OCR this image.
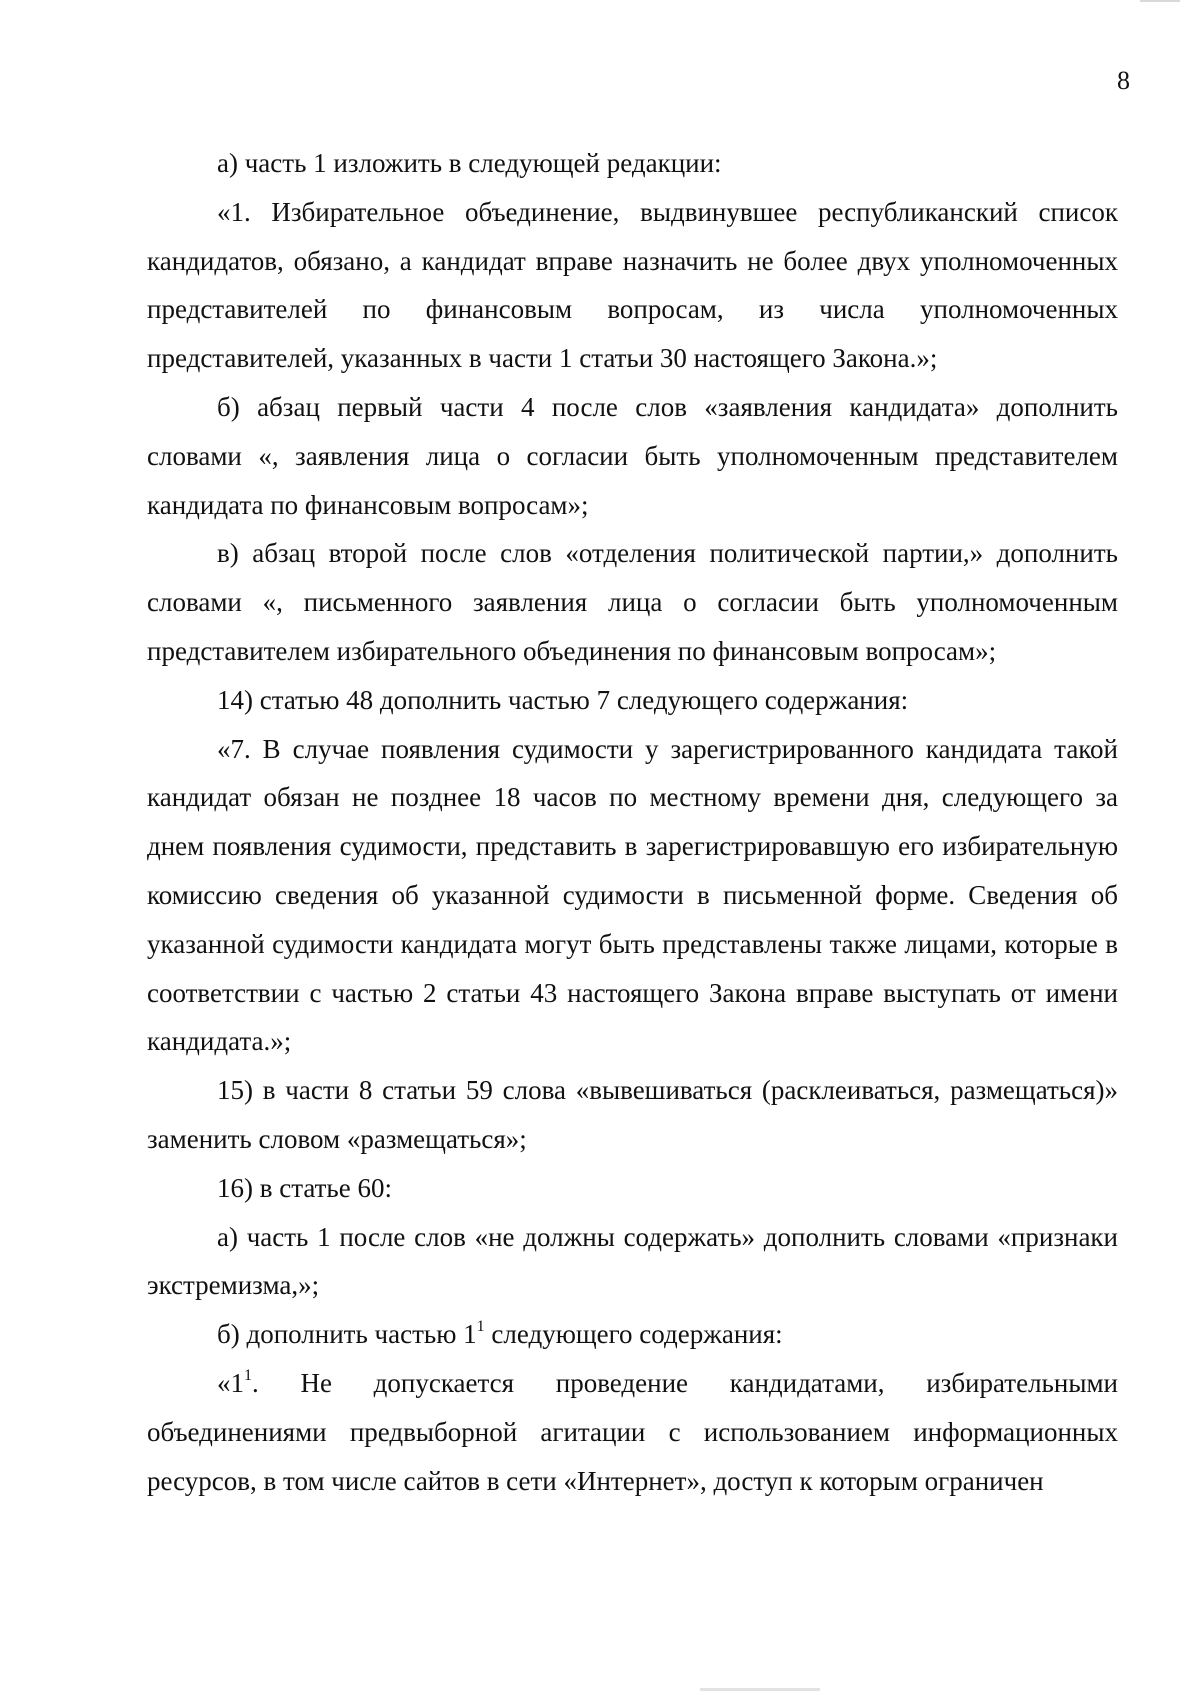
8

а) часть 1 изложить в следующей редакции:

«1. Избирательное объединение, выдвинувшее республиканский список кандидатов, обязано, а кандидат вправе назначить не более двух уполномоченных представителей по финансовым вопросам, из числа уполномоченных представителей, указанных в части 1 статьи 30 настоящего Закона.»;

б) абзац первый части 4 после слов «заявления кандидата» дополнить словами «, заявления лица о согласии быть уполномоченным представителем кандидата по финансовым вопросам»;

в) абзац второй после слов «отделения политической партии,» дополнить словами «, письменного заявления лица о согласии быть уполномоченным представителем избирательного объединения по финансовым вопросам»;

14) статью 48 дополнить частью 7 следующего содержания:

«7. В случае появления судимости у зарегистрированного кандидата такой кандидат обязан не позднее 18 часов по местному времени дня, следующего за днем появления судимости, представить в зарегистрировавшую его избирательную комиссию сведения об указанной судимости в письменной форме. Сведения об указанной судимости кандидата могут быть представлены также лицами, которые в соответствии с частью 2 статьи 43 настоящего Закона вправе выступать от имени кандидата.»;

15) в части 8 статьи 59 слова «вывешиваться (расклеиваться, размещаться)» заменить словом «размещаться»;

16) в статье 60:

а) часть 1 после слов «не должны содержать» дополнить словами «признаки экстремизма,»;

б) дополнить частью $1^1$ следующего содержания:

«$1^1$. Не допускается проведение кандидатами, избирательными объединениями предвыборной агитации с использованием информационных ресурсов, в том числе сайтов в сети «Интернет», доступ к которым ограничен
